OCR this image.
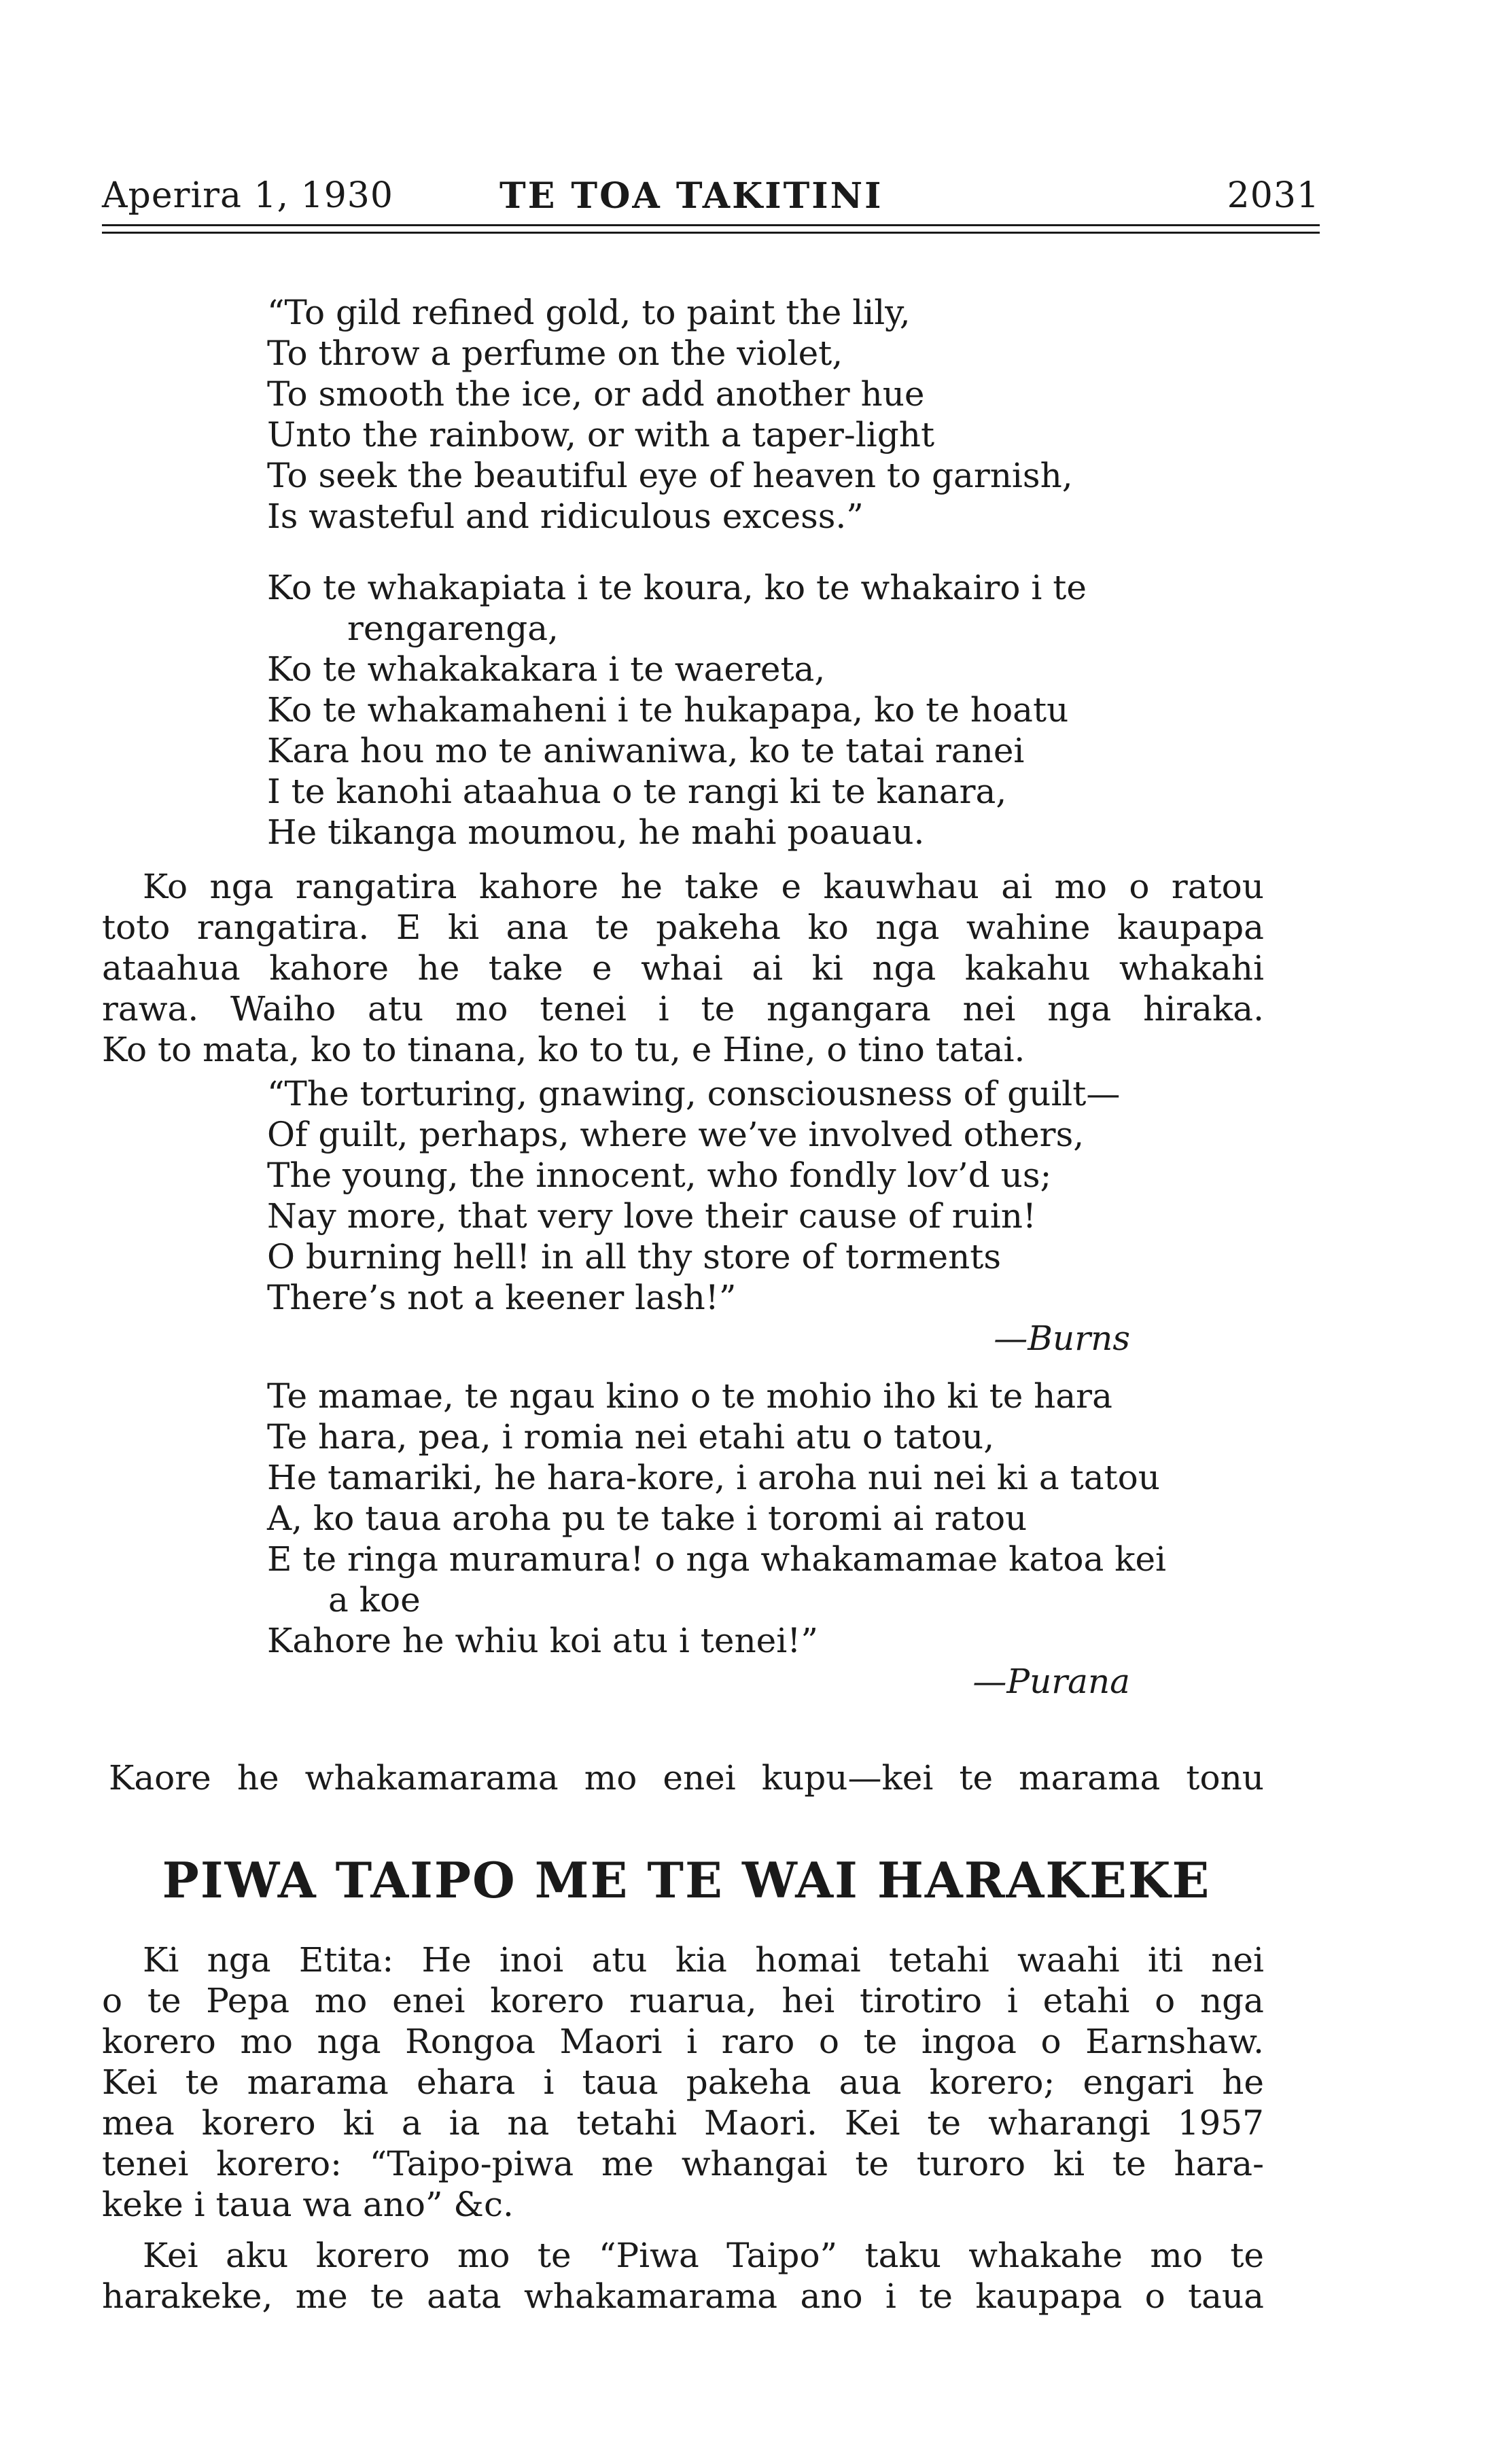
Aperira 1, 1930	TE TOA TAKITINI	2031
“To gild refined gold, to paint the lily,
To throw a perfume on the violet,
To smooth the ice, or add another hue
Unto the rainbow, or with a taper-light
To seek the beautiful eye of heaven to garnish,
Is wasteful and ridiculous excess.”
Ko te whakapiata i te koura, ko te whakairo i te
rengarenga,
Ko te whakakakara i te waereta,
Ko te whakamaheni i te hukapapa, ko te hoatu
Kara hou mo te aniwaniwa, ko te tatai ranei
I te kanohi ataahua o te rangi ki te kanara,
He tikanga moumou, he mahi poauau.
Ko nga rangatira kahore he take e kauwhau ai mo o ratou
toto rangatira. E ki ana te pakeha ko nga wahine kaupapa
ataahua kahore he take e whai ai ki nga kakahu whakahi
rawa. Waiho atu mo tenei i te ngangara nei nga hiraka.
Ko to mata, ko to tinana, ko to tu, e Hine, o tino tatai.
“The torturing, gnawing, consciousness of guilt—
Of guilt, perhaps, where we’ve involved others,
The young, the innocent, who fondly lov’d us;
Nay more, that very love their cause of ruin!
O burning hell! in all thy store of torments
There’s not a keener lash!”
—Burns
Te mamae, te ngau kino o te mohio iho ki te hara
Te hara, pea, i romia nei etahi atu o tatou,
He tamariki, he hara-kore, i aroha nui nei ki a tatou
A, ko taua aroha pu te take i toromi ai ratou
E te ringa muramura! o nga whakamamae katoa kei
a koe
Kahore he whiu koi atu i tenei!”
—Purana
Kaore he whakamarama mo enei kupu—kei te marama tonu
PIWA TAIPO ME TE WAI HARAKEKE
Ki nga Etita: He inoi atu kia homai tetahi waahi iti nei
o te Pepa mo enei korero ruarua, hei tirotiro i etahi o nga
korero mo nga Rongoa Maori i raro o te ingoa o Earnshaw.
Kei te marama ehara i taua pakeha aua korero; engari he
mea korero ki a ia na tetahi Maori. Kei te wharangi 1957
tenei korero: “Taipo-piwa me whangai te turoro ki te hara-
keke i taua wa ano” &c.
Kei aku korero mo te “Piwa Taipo” taku whakahe mo te
harakeke, me te aata whakamarama ano i te kaupapa o taua
